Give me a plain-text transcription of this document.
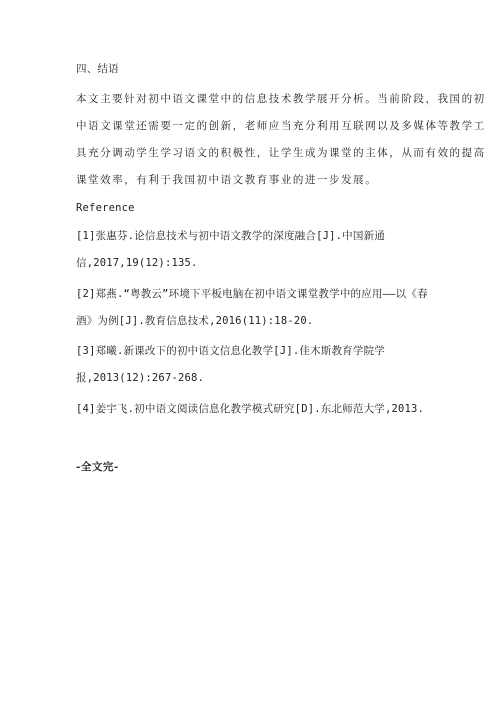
四、结语

本文主要针对初中语文课堂中的信息技术教学展开分析。当前阶段，我国的初

中语文课堂还需要一定的创新，老师应当充分利用互联网以及多媒体等教学工

具充分调动学生学习语文的积极性，让学生成为课堂的主体，从而有效的提高

课堂效率，有利于我国初中语文教育事业的进一步发展。

Reference

[1]张惠芬.论信息技术与初中语文教学的深度融合[J].中国新通

信,2017,19(12):135.

[2]郑燕.“粤教云”环境下平板电脑在初中语文课堂教学中的应用——以《春

酒》为例[J].教育信息技术,2016(11):18-20.

[3]郑曦.新课改下的初中语文信息化教学[J].佳木斯教育学院学

报,2013(12):267-268.

[4]姜宇飞.初中语文阅读信息化教学模式研究[D].东北师范大学,2013.

-全文完-
